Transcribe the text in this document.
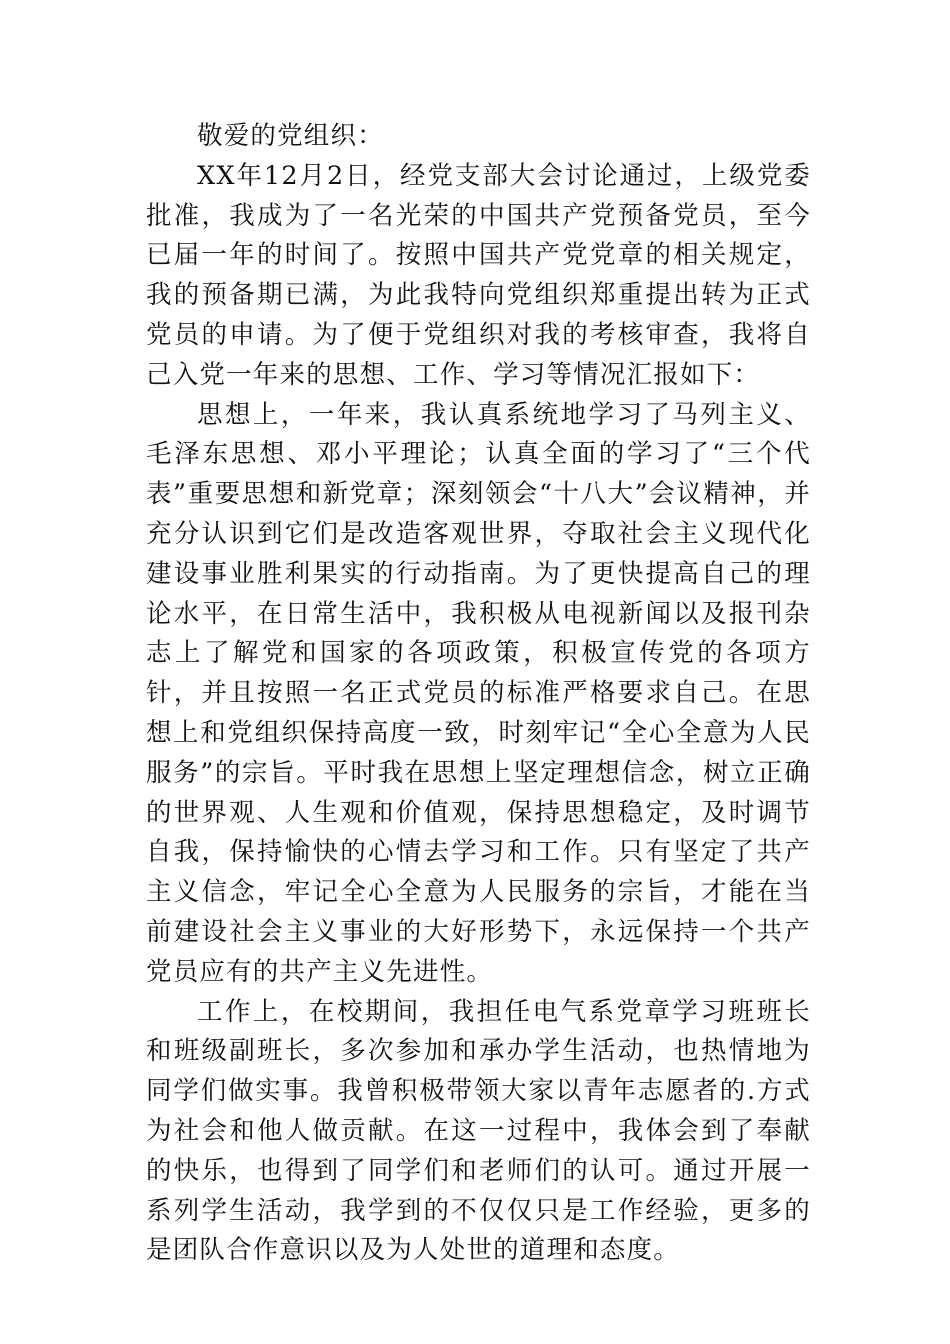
敬爱的党组织：

XX年12月2日，经党支部大会讨论通过，上级党委批准，我成为了一名光荣的中国共产党预备党员，至今已届一年的时间了。按照中国共产党党章的相关规定，我的预备期已满，为此我特向党组织郑重提出转为正式党员的申请。为了便于党组织对我的考核审查，我将自己入党一年来的思想、工作、学习等情况汇报如下：

思想上，一年来，我认真系统地学习了马列主义、毛泽东思想、邓小平理论；认真全面的学习了“三个代表”重要思想和新党章；深刻领会“十八大”会议精神，并充分认识到它们是改造客观世界，夺取社会主义现代化建设事业胜利果实的行动指南。为了更快提高自己的理论水平，在日常生活中，我积极从电视新闻以及报刊杂志上了解党和国家的各项政策，积极宣传党的各项方针，并且按照一名正式党员的标准严格要求自己。在思想上和党组织保持高度一致，时刻牢记“全心全意为人民服务”的宗旨。平时我在思想上坚定理想信念，树立正确的世界观、人生观和价值观，保持思想稳定，及时调节自我，保持愉快的心情去学习和工作。只有坚定了共产主义信念，牢记全心全意为人民服务的宗旨，才能在当前建设社会主义事业的大好形势下，永远保持一个共产党员应有的共产主义先进性。

工作上，在校期间，我担任电气系党章学习班班长和班级副班长，多次参加和承办学生活动，也热情地为同学们做实事。我曾积极带领大家以青年志愿者的.方式为社会和他人做贡献。在这一过程中，我体会到了奉献的快乐，也得到了同学们和老师们的认可。通过开展一系列学生活动，我学到的不仅仅只是工作经验，更多的是团队合作意识以及为人处世的道理和态度。
